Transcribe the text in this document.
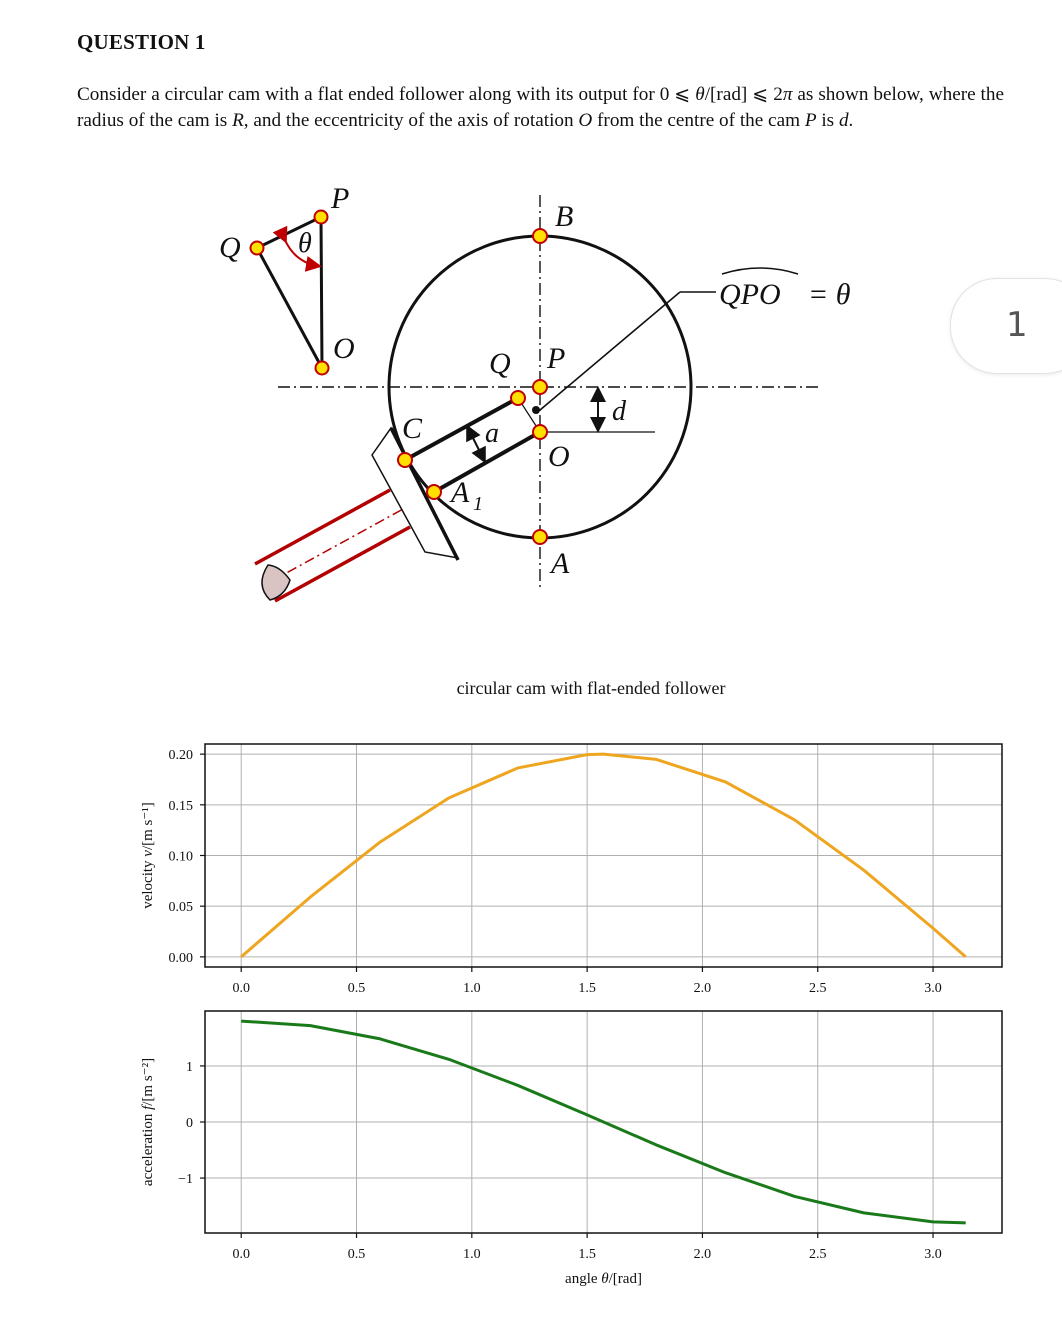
QUESTION 1
Consider a circular cam with a flat ended follower along with its output for 0 ⩽ θ/[rad] ⩽ 2π as shown below, where the radius of the cam is R, and the eccentricity of the axis of rotation O from the centre of the cam P is d.
θ
Q
P
O
B
A
P
Q
O
C a
d
A 1
QPO = θ
circular cam with flat-ended follower
1
0.0	0.5	1.0	1.5	2.0	2.5	3.0
0.00
0.05
0.10
0.15
0.20
velocity v/[m s⁻¹]
0.0	0.5	1.0	1.5	2.0	2.5	3.0
−1
0
1
acceleration f/[m s⁻²]
angle θ/[rad]
